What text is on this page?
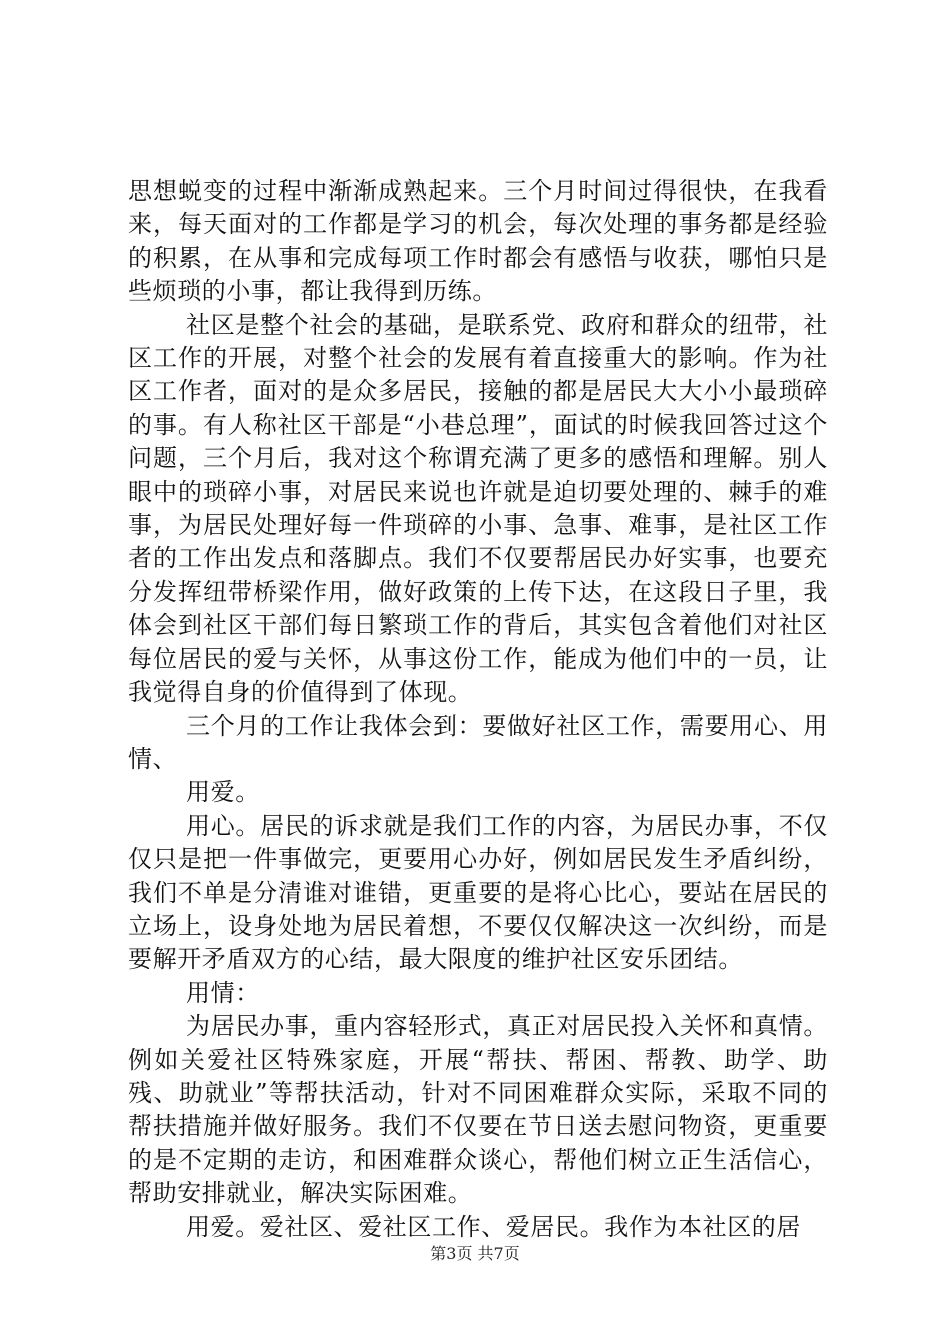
思想蜕变的过程中渐渐成熟起来。三个月时间过得很快，在我看来，每天面对的工作都是学习的机会，每次处理的事务都是经验的积累，在从事和完成每项工作时都会有感悟与收获，哪怕只是些烦琐的小事，都让我得到历练。

社区是整个社会的基础，是联系党、政府和群众的纽带，社区工作的开展，对整个社会的发展有着直接重大的影响。作为社区工作者，面对的是众多居民，接触的都是居民大大小小最琐碎的事。有人称社区干部是“小巷总理”，面试的时候我回答过这个问题，三个月后，我对这个称谓充满了更多的感悟和理解。别人眼中的琐碎小事，对居民来说也许就是迫切要处理的、棘手的难事，为居民处理好每一件琐碎的小事、急事、难事，是社区工作者的工作出发点和落脚点。我们不仅要帮居民办好实事，也要充分发挥纽带桥梁作用，做好政策的上传下达，在这段日子里，我体会到社区干部们每日繁琐工作的背后，其实包含着他们对社区每位居民的爱与关怀，从事这份工作，能成为他们中的一员，让我觉得自身的价值得到了体现。

三个月的工作让我体会到：要做好社区工作，需要用心、用情、

用爱。

用心。居民的诉求就是我们工作的内容，为居民办事，不仅仅只是把一件事做完，更要用心办好，例如居民发生矛盾纠纷，我们不单是分清谁对谁错，更重要的是将心比心，要站在居民的立场上，设身处地为居民着想，不要仅仅解决这一次纠纷，而是要解开矛盾双方的心结，最大限度的维护社区安乐团结。

用情：

为居民办事，重内容轻形式，真正对居民投入关怀和真情。例如关爱社区特殊家庭，开展“帮扶、帮困、帮教、助学、助残、助就业”等帮扶活动，针对不同困难群众实际，采取不同的帮扶措施并做好服务。我们不仅要在节日送去慰问物资，更重要的是不定期的走访，和困难群众谈心，帮他们树立正生活信心，帮助安排就业，解决实际困难。

用爱。爱社区、爱社区工作、爱居民。我作为本社区的居

第3页 共7页
